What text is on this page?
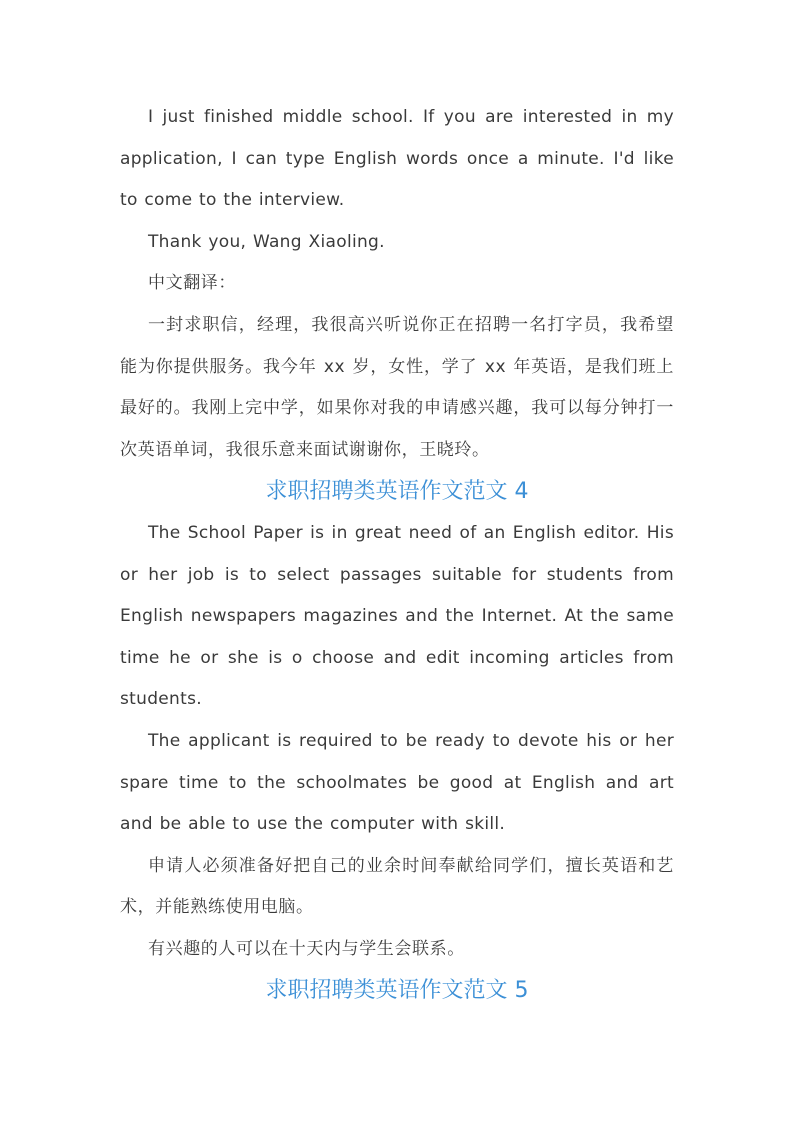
I just finished middle school. If you are interested in my application, I can type English words once a minute. I'd like to come to the interview.

Thank you, Wang Xiaoling.

中文翻译：

一封求职信，经理，我很高兴听说你正在招聘一名打字员，我希望能为你提供服务。我今年 xx 岁，女性，学了 xx 年英语，是我们班上最好的。我刚上完中学，如果你对我的申请感兴趣，我可以每分钟打一次英语单词，我很乐意来面试谢谢你，王晓玲。

求职招聘类英语作文范文 4

The School Paper is in great need of an English editor. His or her job is to select passages suitable for students from English newspapers magazines and the Internet. At the same time he or she is o choose and edit incoming articles from students.

The applicant is required to be ready to devote his or her spare time to the schoolmates be good at English and art and be able to use the computer with skill.

申请人必须准备好把自己的业余时间奉献给同学们，擅长英语和艺术，并能熟练使用电脑。

有兴趣的人可以在十天内与学生会联系。

求职招聘类英语作文范文 5
